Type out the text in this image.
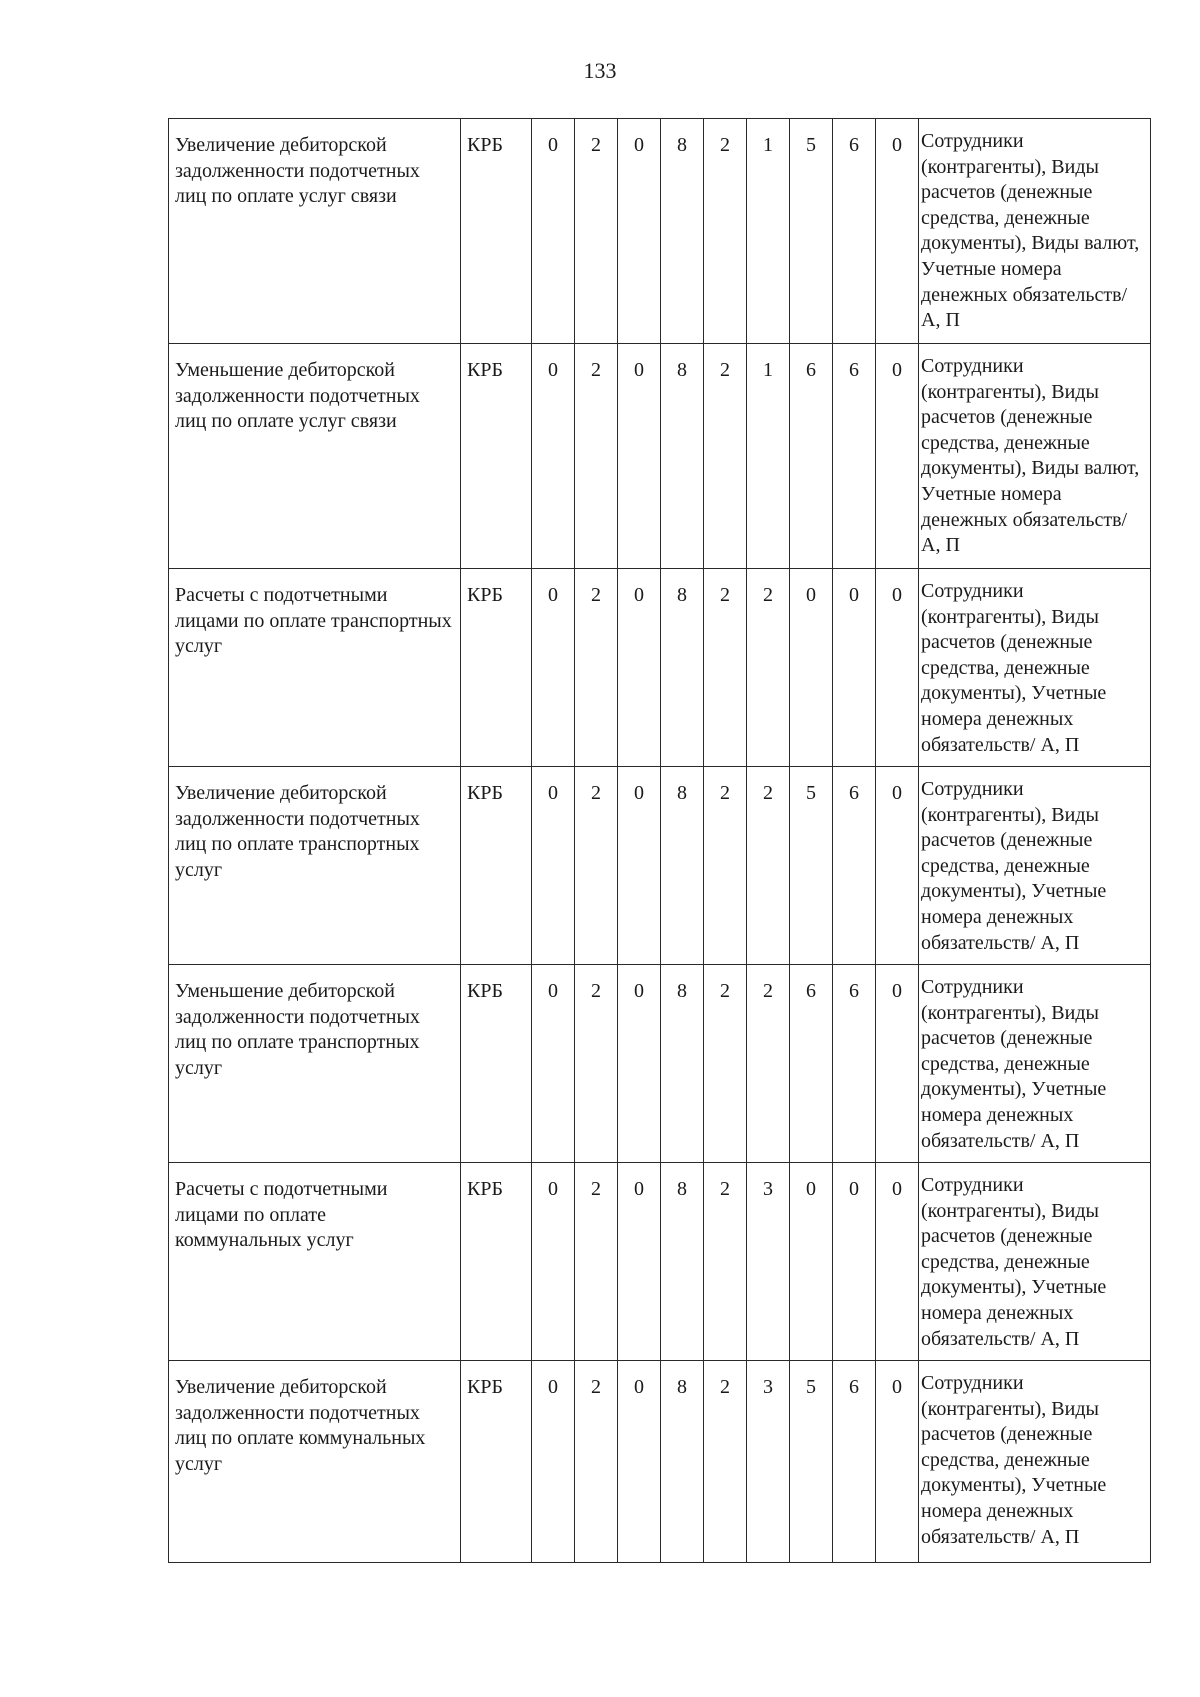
133
Увеличение дебиторской задолженности подотчетных лиц по оплате услуг связи	КРБ	0	2	0	8	2	1	5	6	0	Сотрудники (контрагенты), Виды расчетов (денежные средства, денежные документы), Виды валют, Учетные номера денежных обязательств/ А, П
Уменьшение дебиторской задолженности подотчетных лиц по оплате услуг связи	КРБ	0	2	0	8	2	1	6	6	0	Сотрудники (контрагенты), Виды расчетов (денежные средства, денежные документы), Виды валют, Учетные номера денежных обязательств/ А, П
Расчеты с подотчетными лицами по оплате транспортных услуг	КРБ	0	2	0	8	2	2	0	0	0	Сотрудники (контрагенты), Виды расчетов (денежные средства, денежные документы), Учетные номера денежных обязательств/ А, П
Увеличение дебиторской задолженности подотчетных лиц по оплате транспортных услуг	КРБ	0	2	0	8	2	2	5	6	0	Сотрудники (контрагенты), Виды расчетов (денежные средства, денежные документы), Учетные номера денежных обязательств/ А, П
Уменьшение дебиторской задолженности подотчетных лиц по оплате транспортных услуг	КРБ	0	2	0	8	2	2	6	6	0	Сотрудники (контрагенты), Виды расчетов (денежные средства, денежные документы), Учетные номера денежных обязательств/ А, П
Расчеты с подотчетными лицами по оплате коммунальных услуг	КРБ	0	2	0	8	2	3	0	0	0	Сотрудники (контрагенты), Виды расчетов (денежные средства, денежные документы), Учетные номера денежных обязательств/ А, П
Увеличение дебиторской задолженности подотчетных лиц по оплате коммунальных услуг	КРБ	0	2	0	8	2	3	5	6	0	Сотрудники (контрагенты), Виды расчетов (денежные средства, денежные документы), Учетные номера денежных обязательств/ А, П
